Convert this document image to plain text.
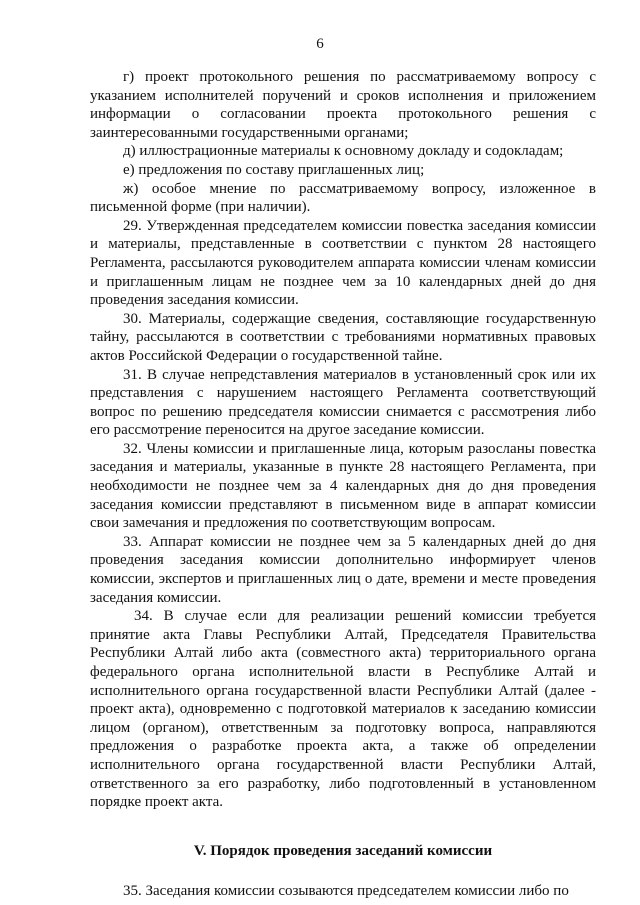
6

г) проект протокольного решения по рассматриваемому вопросу с указанием исполнителей поручений и сроков исполнения и приложением информации о согласовании проекта протокольного решения с заинтересованными государственными органами;

д) иллюстрационные материалы к основному докладу и содокладам;

е) предложения по составу приглашенных лиц;

ж) особое мнение по рассматриваемому вопросу, изложенное в письменной форме (при наличии).

29. Утвержденная председателем комиссии повестка заседания комиссии и материалы, представленные в соответствии с пунктом 28 настоящего Регламента, рассылаются руководителем аппарата комиссии членам комиссии и приглашенным лицам не позднее чем за 10 календарных дней до дня проведения заседания комиссии.

30. Материалы, содержащие сведения, составляющие государственную тайну, рассылаются в соответствии с требованиями нормативных правовых актов Российской Федерации о государственной тайне.

31. В случае непредставления материалов в установленный срок или их представления с нарушением настоящего Регламента соответствующий вопрос по решению председателя комиссии снимается с рассмотрения либо его рассмотрение переносится на другое заседание комиссии.

32. Члены комиссии и приглашенные лица, которым разосланы повестка заседания и материалы, указанные в пункте 28 настоящего Регламента, при необходимости не позднее чем за 4 календарных дня до дня проведения заседания комиссии представляют в письменном виде в аппарат комиссии свои замечания и предложения по соответствующим вопросам.

33. Аппарат комиссии не позднее чем за 5 календарных дней до дня проведения заседания комиссии дополнительно информирует членов комиссии, экспертов и приглашенных лиц о дате, времени и месте проведения заседания комиссии.

34. В случае если для реализации решений комиссии требуется принятие акта Главы Республики Алтай, Председателя Правительства Республики Алтай либо акта (совместного акта) территориального органа федерального органа исполнительной власти в Республике Алтай и исполнительного органа государственной власти Республики Алтай (далее - проект акта), одновременно с подготовкой материалов к заседанию комиссии лицом (органом), ответственным за подготовку вопроса, направляются предложения о разработке проекта акта, а также об определении исполнительного органа государственной власти Республики Алтай, ответственного за его разработку, либо подготовленный в установленном порядке проект акта.

V. Порядок проведения заседаний комиссии

35. Заседания комиссии созываются председателем комиссии либо по
